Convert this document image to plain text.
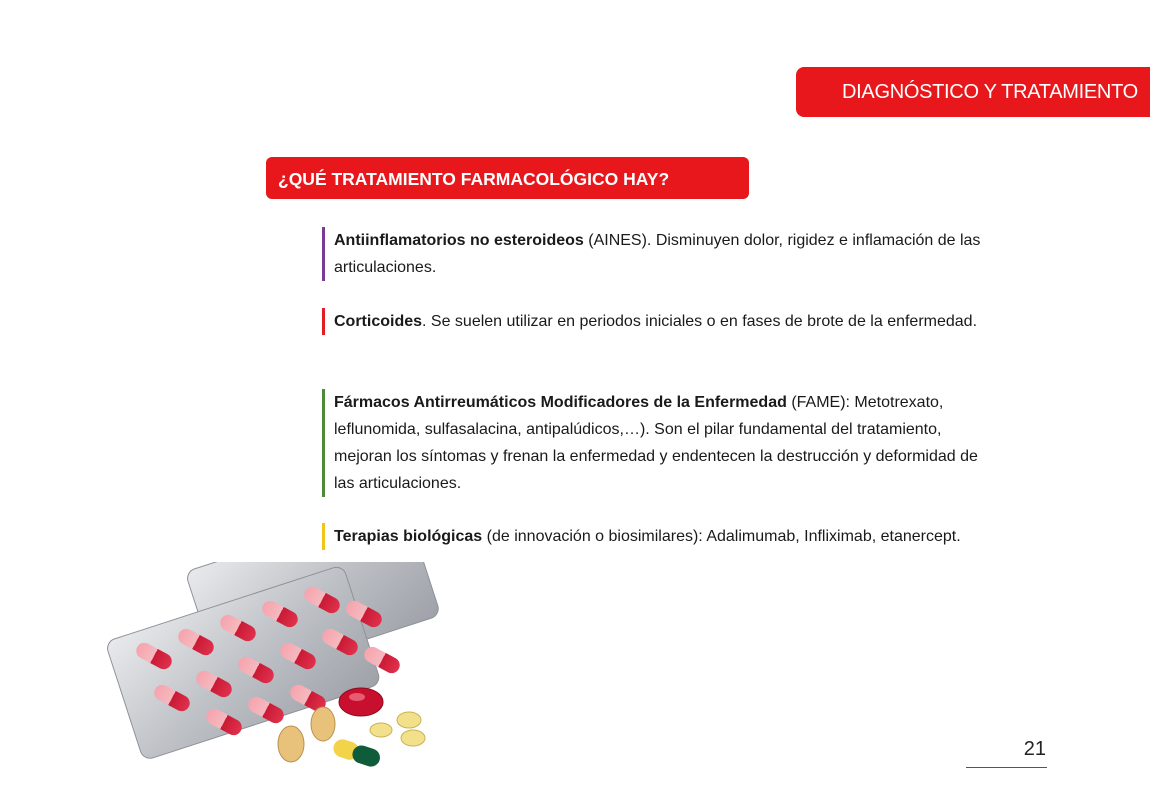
DIAGNÓSTICO Y TRATAMIENTO
¿QUÉ TRATAMIENTO FARMACOLÓGICO HAY?
Antiinflamatorios no esteroideos (AINES). Disminuyen dolor, rigidez e inflamación de las articulaciones.
Corticoides. Se suelen utilizar en periodos iniciales o en fases de brote de la enfermedad.
Fármacos Antirreumáticos Modificadores de la Enfermedad (FAME): Metotrexato, leflunomida, sulfasalacina, antipalúdicos,…). Son el pilar fundamental del tratamiento, mejoran los síntomas y frenan la enfermedad y endentecen la destrucción y deformidad de las articulaciones.
Terapias biológicas (de innovación o biosimilares): Adalimumab, Infliximab, etanercept.
21
